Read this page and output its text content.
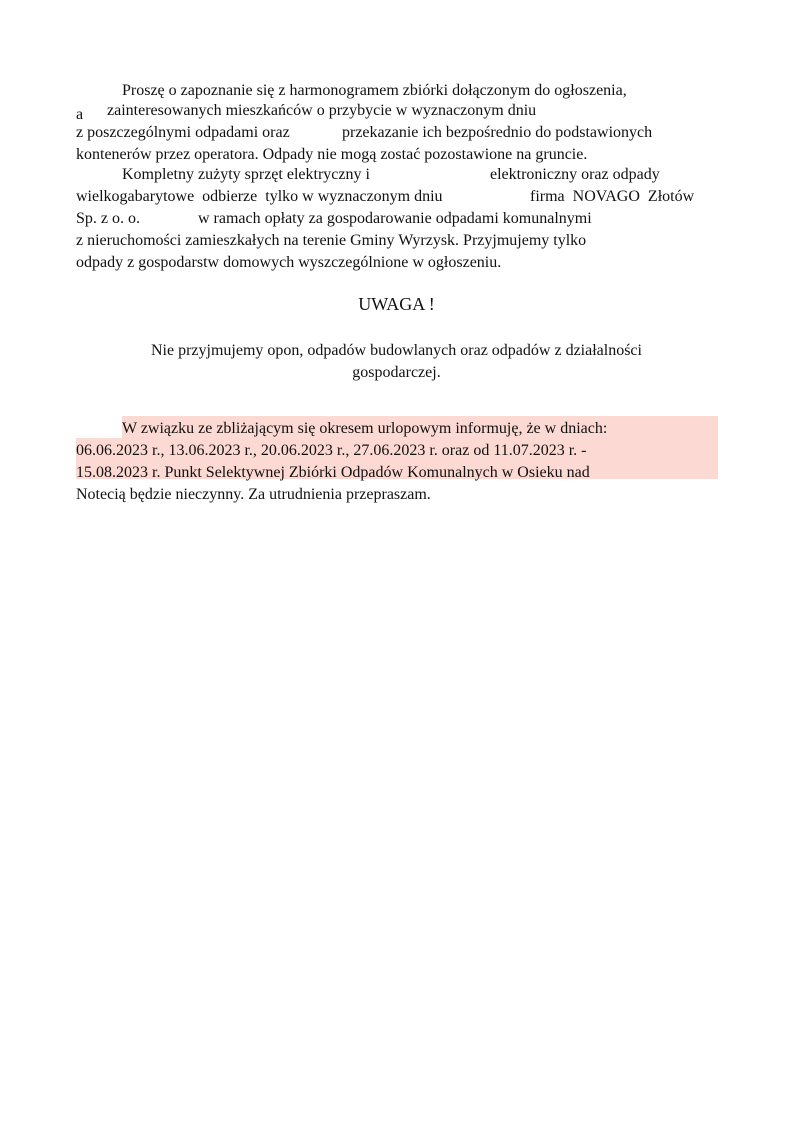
Proszę o zapoznanie się z harmonogramem zbiórki dołączonym do ogłoszenia,

a zainteresowanych mieszkańców o przybycie w wyznaczonym dniu

z poszczególnymi odpadami oraz	przekazanie ich bezpośrednio do podstawionych

kontenerów przez operatora. Odpady nie mogą zostać pozostawione na gruncie.

Kompletny zużyty sprzęt elektryczny i	elektroniczny oraz odpady

wielkogabarytowe  odbierze  tylko w wyznaczonym dniu	firma  NOVAGO  Złotów

Sp. z o. o.	w ramach opłaty za gospodarowanie odpadami komunalnymi

z nieruchomości zamieszkałych na terenie Gminy Wyrzysk. Przyjmujemy tylko

odpady z gospodarstw domowych wyszczególnione w ogłoszeniu.

UWAGA !

Nie przyjmujemy opon, odpadów budowlanych oraz odpadów z działalności

gospodarczej.

W związku ze zbliżającym się okresem urlopowym informuję, że w dniach:

06.06.2023 r., 13.06.2023 r., 20.06.2023 r., 27.06.2023 r. oraz od 11.07.2023 r. -

15.08.2023 r. Punkt Selektywnej Zbiórki Odpadów Komunalnych w Osieku nad

Notecią będzie nieczynny. Za utrudnienia przepraszam.
